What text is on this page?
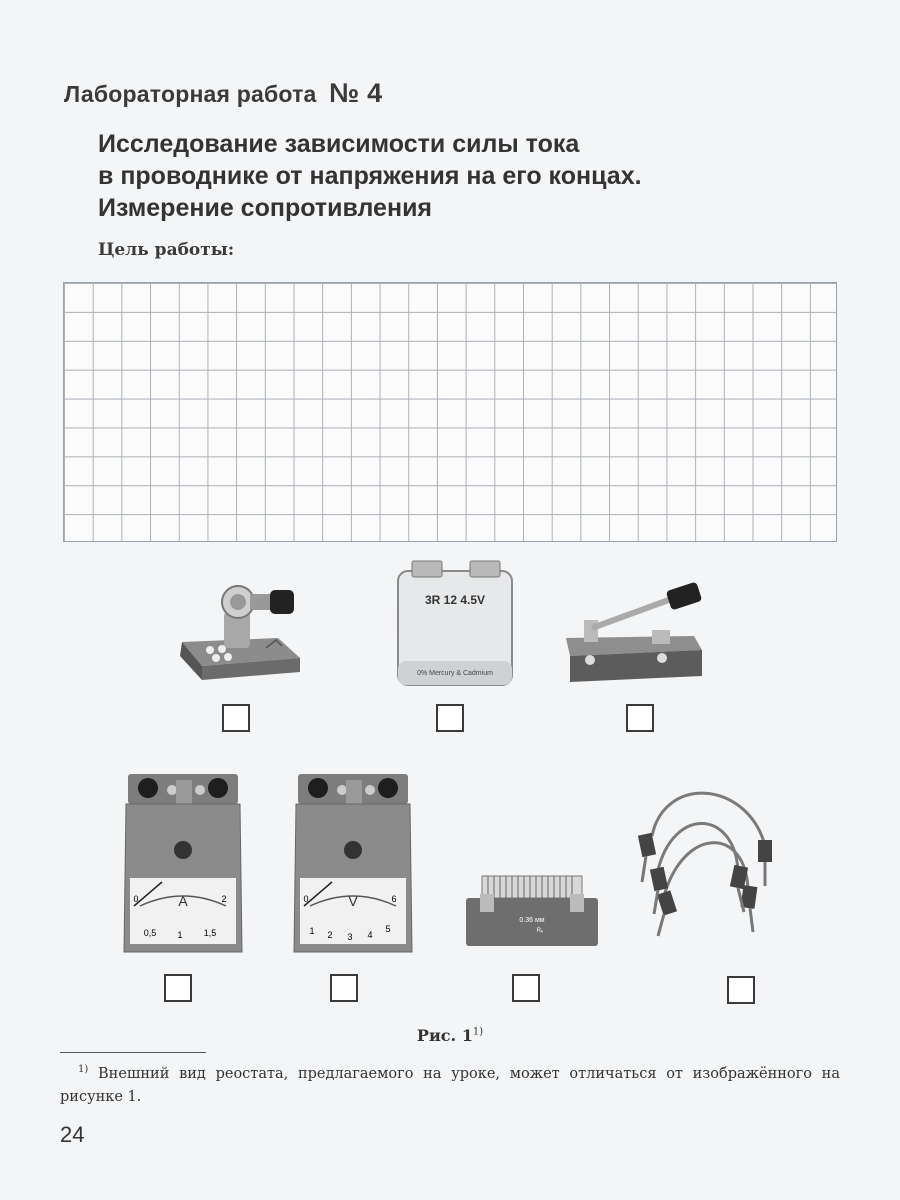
Лабораторная работа № 4
Исследование зависимости силы тока
в проводнике от напряжения на его концах.
Измерение сопротивления
Цель работы:
3R 12 4.5V
0% Mercury & Cadmium
A
0
0,5 1 1,5
2	V
0
1 2 3 4
5
6
0.36 мм
Rₑ
Рис. 1$^{1)}$
$^{1)}$ Внешний вид реостата, предлагаемого на уроке, может отличаться от изображённого на рисунке 1.
24
